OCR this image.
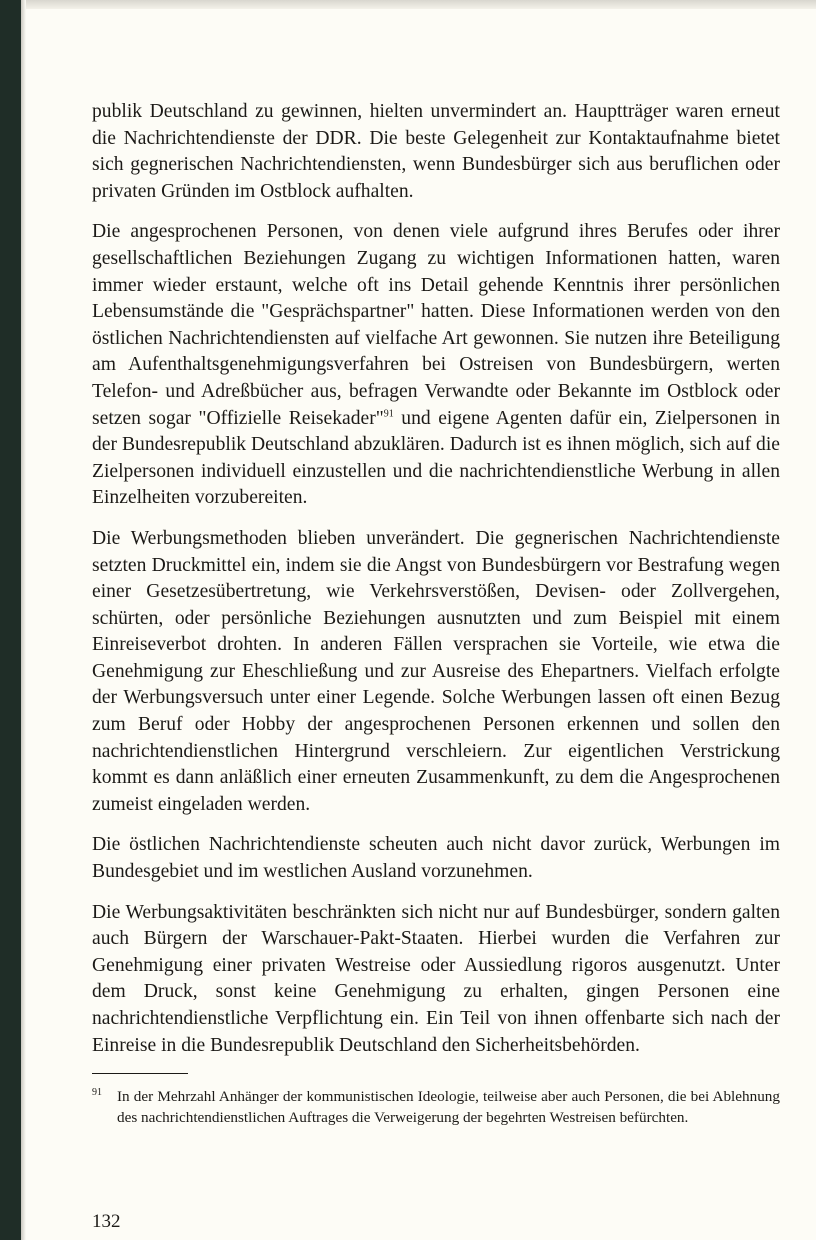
publik Deutschland zu gewinnen, hielten unvermindert an. Hauptträger waren erneut die Nachrichtendienste der DDR. Die beste Gelegenheit zur Kontaktaufnahme bietet sich gegnerischen Nachrichtendiensten, wenn Bundesbürger sich aus beruflichen oder privaten Gründen im Ostblock aufhalten.

Die angesprochenen Personen, von denen viele aufgrund ihres Berufes oder ihrer gesellschaftlichen Beziehungen Zugang zu wichtigen Informationen hatten, waren immer wieder erstaunt, welche oft ins Detail gehende Kenntnis ihrer persönlichen Lebensumstände die "Gesprächspartner" hatten. Diese Informationen werden von den östlichen Nachrichtendiensten auf vielfache Art gewonnen. Sie nutzen ihre Beteiligung am Aufenthaltsgenehmigungsverfahren bei Ostreisen von Bundesbürgern, werten Telefon- und Adreßbücher aus, befragen Verwandte oder Bekannte im Ostblock oder setzen sogar "Offizielle Reisekader"$^{91}$ und eigene Agenten dafür ein, Zielpersonen in der Bundesrepublik Deutschland abzuklären. Dadurch ist es ihnen möglich, sich auf die Zielpersonen individuell einzustellen und die nachrichtendienstliche Werbung in allen Einzelheiten vorzubereiten.

Die Werbungsmethoden blieben unverändert. Die gegnerischen Nachrichtendienste setzten Druckmittel ein, indem sie die Angst von Bundesbürgern vor Bestrafung wegen einer Gesetzesübertretung, wie Verkehrsverstößen, Devisen- oder Zollvergehen, schürten, oder persönliche Beziehungen ausnutzten und zum Beispiel mit einem Einreiseverbot drohten. In anderen Fällen versprachen sie Vorteile, wie etwa die Genehmigung zur Eheschließung und zur Ausreise des Ehepartners. Vielfach erfolgte der Werbungsversuch unter einer Legende. Solche Werbungen lassen oft einen Bezug zum Beruf oder Hobby der angesprochenen Personen erkennen und sollen den nachrichtendienstlichen Hintergrund verschleiern. Zur eigentlichen Verstrickung kommt es dann anläßlich einer erneuten Zusammenkunft, zu dem die Angesprochenen zumeist eingeladen werden.

Die östlichen Nachrichtendienste scheuten auch nicht davor zurück, Werbungen im Bundesgebiet und im westlichen Ausland vorzunehmen.

Die Werbungsaktivitäten beschränkten sich nicht nur auf Bundesbürger, sondern galten auch Bürgern der Warschauer-Pakt-Staaten. Hierbei wurden die Verfahren zur Genehmigung einer privaten Westreise oder Aussiedlung rigoros ausgenutzt. Unter dem Druck, sonst keine Genehmigung zu erhalten, gingen Personen eine nachrichtendienstliche Verpflichtung ein. Ein Teil von ihnen offenbarte sich nach der Einreise in die Bundesrepublik Deutschland den Sicherheitsbehörden.

91 In der Mehrzahl Anhänger der kommunistischen Ideologie, teilweise aber auch Personen, die bei Ablehnung des nachrichtendienstlichen Auftrages die Verweigerung der begehrten Westreisen befürchten.

132
